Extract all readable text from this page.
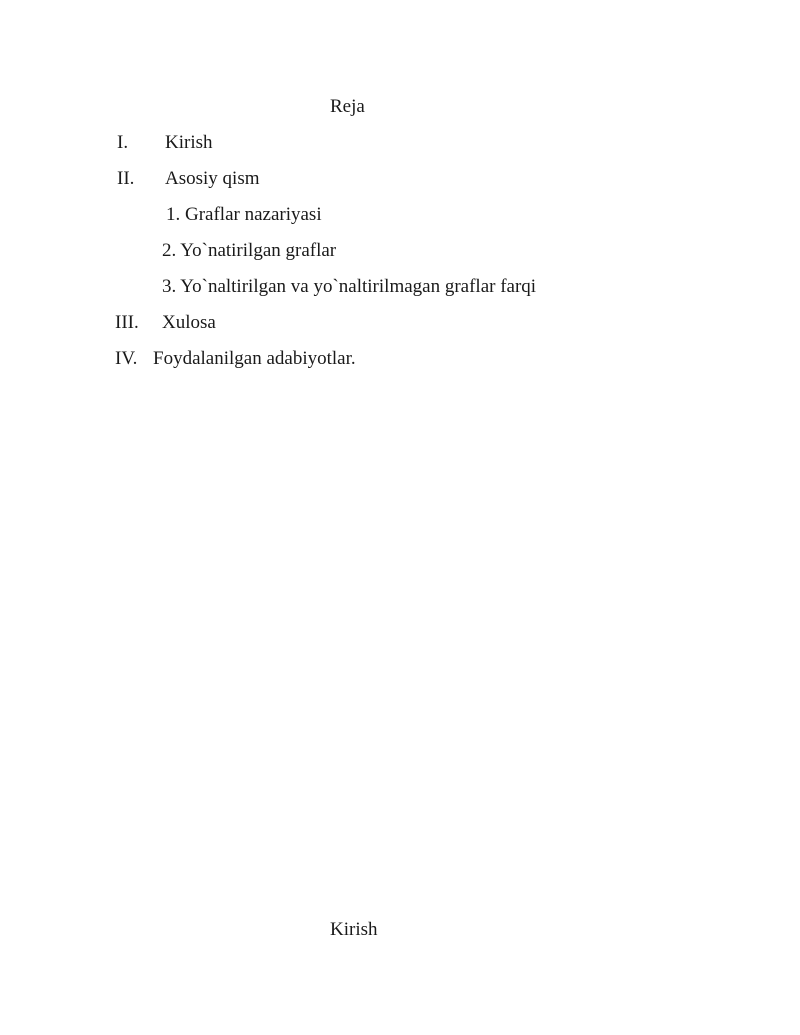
Reja
I. Kirish
II. Asosiy qism
1. Graflar nazariyasi
2. Yo`natirilgan graflar
3. Yo`naltirilgan va yo`naltirilmagan graflar farqi
III. Xulosa
IV. Foydalanilgan adabiyotlar.
Kirish
